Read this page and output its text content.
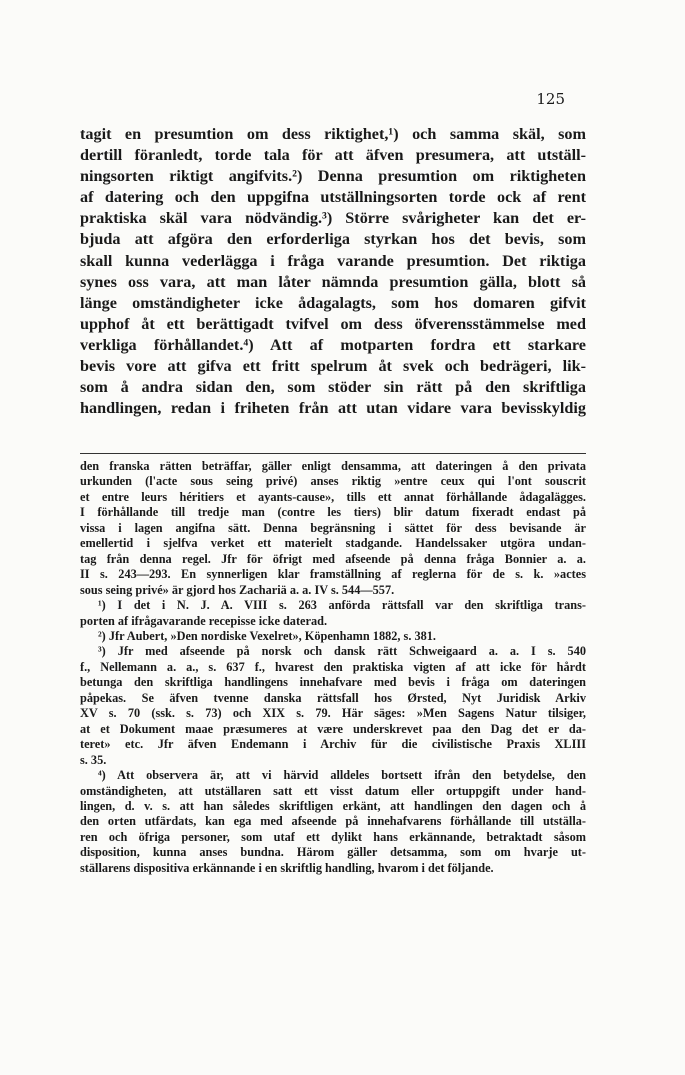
125
tagit en presumtion om dess riktighet,¹) och samma skäl, som
dertill föranledt, torde tala för att äfven presumera, att utställ-
ningsorten riktigt angifvits.²) Denna presumtion om riktigheten
af datering och den uppgifna utställningsorten torde ock af rent
praktiska skäl vara nödvändig.³) Större svårigheter kan det er-
bjuda att afgöra den erforderliga styrkan hos det bevis, som
skall kunna vederlägga i fråga varande presumtion. Det riktiga
synes oss vara, att man låter nämnda presumtion gälla, blott så
länge omständigheter icke ådagalagts, som hos domaren gifvit
upphof åt ett berättigadt tvifvel om dess öfverensstämmelse med
verkliga förhållandet.⁴) Att af motparten fordra ett starkare
bevis vore att gifva ett fritt spelrum åt svek och bedrägeri, lik-
som å andra sidan den, som stöder sin rätt på den skriftliga
handlingen, redan i friheten från att utan vidare vara bevisskyldig
den franska rätten beträffar, gäller enligt densamma, att dateringen å den privata
urkunden (l'acte sous seing privé) anses riktig »entre ceux qui l'ont souscrit
et entre leurs héritiers et ayants-cause», tills ett annat förhållande ådagalägges.
I förhållande till tredje man (contre les tiers) blir datum fixeradt endast på
vissa i lagen angifna sätt. Denna begränsning i sättet för dess bevisande är
emellertid i sjelfva verket ett materielt stadgande. Handelssaker utgöra undan-
tag från denna regel. Jfr för öfrigt med afseende på denna fråga Bonnier a. a.
II s. 243—293. En synnerligen klar framställning af reglerna för de s. k. »actes
sous seing privé» är gjord hos Zachariä a. a. IV s. 544—557.
¹) I det i N. J. A. VIII s. 263 anförda rättsfall var den skriftliga trans-
porten af ifrågavarande recepisse icke daterad.
²) Jfr Aubert, »Den nordiske Vexelret», Köpenhamn 1882, s. 381.
³) Jfr med afseende på norsk och dansk rätt Schweigaard a. a. I s. 540
f., Nellemann a. a., s. 637 f., hvarest den praktiska vigten af att icke för hårdt
betunga den skriftliga handlingens innehafvare med bevis i fråga om dateringen
påpekas. Se äfven tvenne danska rättsfall hos Ørsted, Nyt Juridisk Arkiv
XV s. 70 (ssk. s. 73) och XIX s. 79. Här säges: »Men Sagens Natur tilsiger,
at et Dokument maae præsumeres at være underskrevet paa den Dag det er da-
teret» etc. Jfr äfven Endemann i Archiv für die civilistische Praxis XLIII
s. 35.
⁴) Att observera är, att vi härvid alldeles bortsett ifrån den betydelse, den
omständigheten, att utställaren satt ett visst datum eller ortuppgift under hand-
lingen, d. v. s. att han således skriftligen erkänt, att handlingen den dagen och å
den orten utfärdats, kan ega med afseende på innehafvarens förhållande till utställa-
ren och öfriga personer, som utaf ett dylikt hans erkännande, betraktadt såsom
disposition, kunna anses bundna. Härom gäller detsamma, som om hvarje ut-
ställarens dispositiva erkännande i en skriftlig handling, hvarom i det följande.
